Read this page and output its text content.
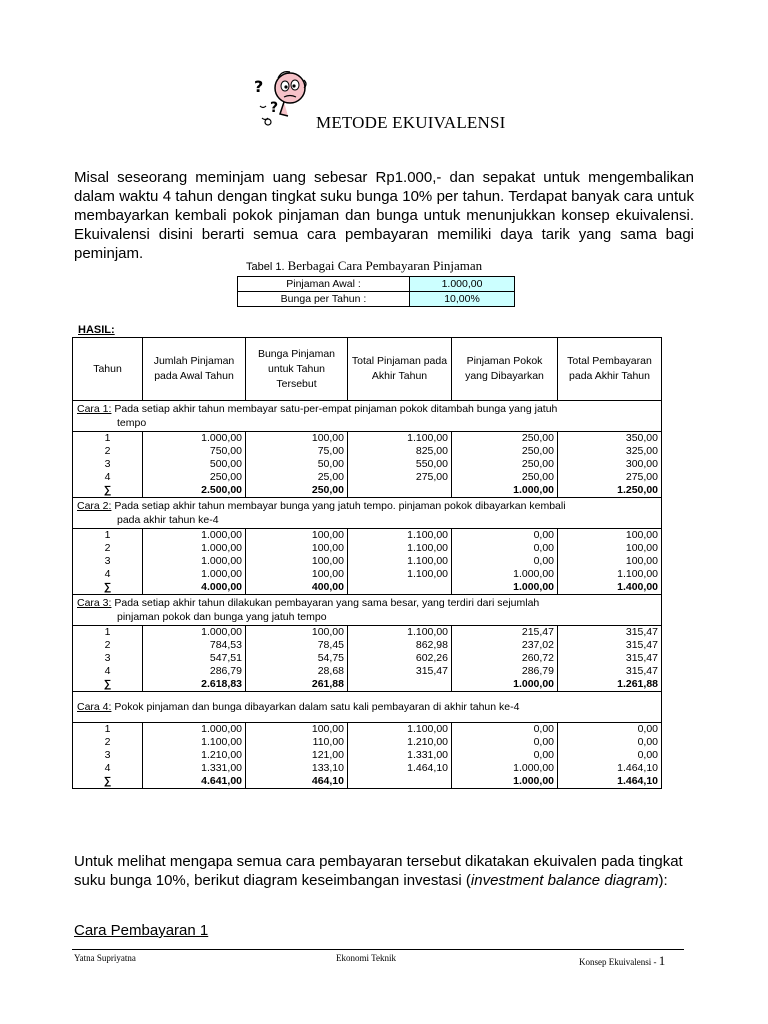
?
?
METODE EKUIVALENSI
Misal seseorang meminjam uang sebesar Rp1.000,- dan sepakat untuk mengembalikan dalam waktu 4 tahun dengan tingkat suku bunga 10% per tahun. Terdapat banyak cara untuk membayarkan kembali pokok pinjaman dan bunga untuk menunjukkan konsep ekuivalensi. Ekuivalensi disini berarti semua cara pembayaran memiliki daya tarik yang sama bagi peminjam.
Tabel 1. Berbagai Cara Pembayaran Pinjaman
Pinjaman Awal :	1.000,00
Bunga per Tahun :	10,00%
HASIL:
Tahun	Jumlah Pinjaman pada Awal Tahun	Bunga Pinjaman untuk Tahun Tersebut	Total Pinjaman pada Akhir Tahun	Pinjaman Pokok yang Dibayarkan	Total Pembayaran pada Akhir Tahun
Cara 1: Pada setiap akhir tahun membayar satu-per-empat pinjaman pokok ditambah bunga yang jatuh
tempo					
1	1.000,00	100,00	1.100,00	250,00	350,00
2	750,00	75,00	825,00	250,00	325,00
3	500,00	50,00	550,00	250,00	300,00
4	250,00	25,00	275,00	250,00	275,00
∑	2.500,00	250,00		1.000,00	1.250,00
Cara 2: Pada setiap akhir tahun membayar bunga yang jatuh tempo. pinjaman pokok dibayarkan kembali
pada akhir tahun ke-4					
1	1.000,00	100,00	1.100,00	0,00	100,00
2	1.000,00	100,00	1.100,00	0,00	100,00
3	1.000,00	100,00	1.100,00	0,00	100,00
4	1.000,00	100,00	1.100,00	1.000,00	1.100,00
∑	4.000,00	400,00		1.000,00	1.400,00
Cara 3: Pada setiap akhir tahun dilakukan pembayaran yang sama besar, yang terdiri dari sejumlah
pinjaman pokok dan bunga yang jatuh tempo					
1	1.000,00	100,00	1.100,00	215,47	315,47
2	784,53	78,45	862,98	237,02	315,47
3	547,51	54,75	602,26	260,72	315,47
4	286,79	28,68	315,47	286,79	315,47
∑	2.618,83	261,88		1.000,00	1.261,88
Cara 4: Pokok pinjaman dan bunga dibayarkan dalam satu kali pembayaran di akhir tahun ke-4					
1	1.000,00	100,00	1.100,00	0,00	0,00
2	1.100,00	110,00	1.210,00	0,00	0,00
3	1.210,00	121,00	1.331,00	0,00	0,00
4	1.331,00	133,10	1.464,10	1.000,00	1.464,10
∑	4.641,00	464,10		1.000,00	1.464,10
Untuk melihat mengapa semua cara pembayaran tersebut dikatakan ekuivalen pada tingkat suku bunga 10%, berikut diagram keseimbangan investasi (investment balance diagram):
Cara Pembayaran 1
Yatna Supriyatna	Ekonomi Teknik	Konsep Ekuivalensi - 1
